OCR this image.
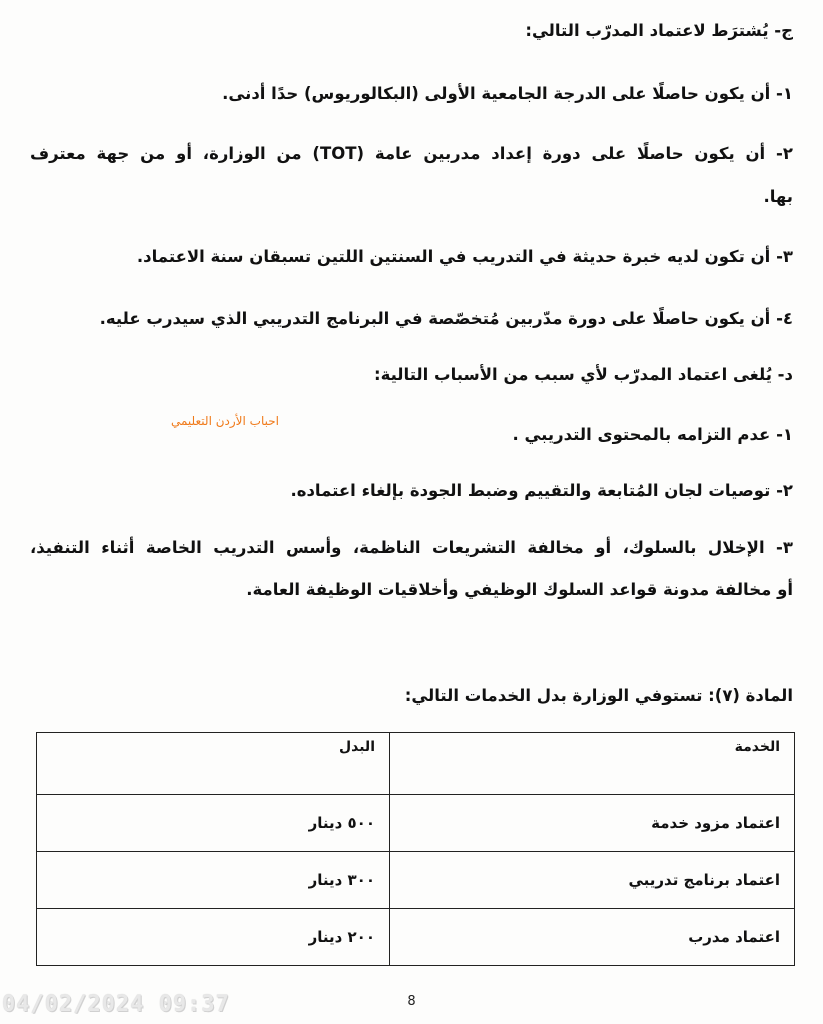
ج- يُشترَط لاعتماد المدرّب التالي:
١- أن يكون حاصلًا على الدرجة الجامعية الأولى (البكالوريوس) حدًا أدنى.
٢- أن يكون حاصلًا على دورة إعداد مدربين عامة (TOT) من الوزارة، أو من جهة معترف
بها.
٣- أن تكون لديه خبرة حديثة في التدريب في السنتين اللتين تسبقان سنة الاعتماد.
٤- أن يكون حاصلًا على دورة مدّربين مُتخصّصة في البرنامج التدريبي الذي سيدرب عليه.
د- يُلغى اعتماد المدرّب لأي سبب من الأسباب التالية:
احباب الأردن التعليمي
١- عدم التزامه بالمحتوى التدريبي .
٢- توصيات لجان المُتابعة والتقييم وضبط الجودة بإلغاء اعتماده.
٣- الإخلال بالسلوك، أو مخالفة التشريعات الناظمة، وأسس التدريب الخاصة أثناء التنفيذ،
أو مخالفة مدونة قواعد السلوك الوظيفي وأخلاقيات الوظيفة العامة.
المادة (٧): تستوفي الوزارة بدل الخدمات التالي:
الخدمة	البدل
اعتماد مزود خدمة	٥٠٠ دينار
اعتماد برنامج تدريبي	٣٠٠ دينار
اعتماد مدرب	٢٠٠ دينار
04/02/2024 09:37	8
